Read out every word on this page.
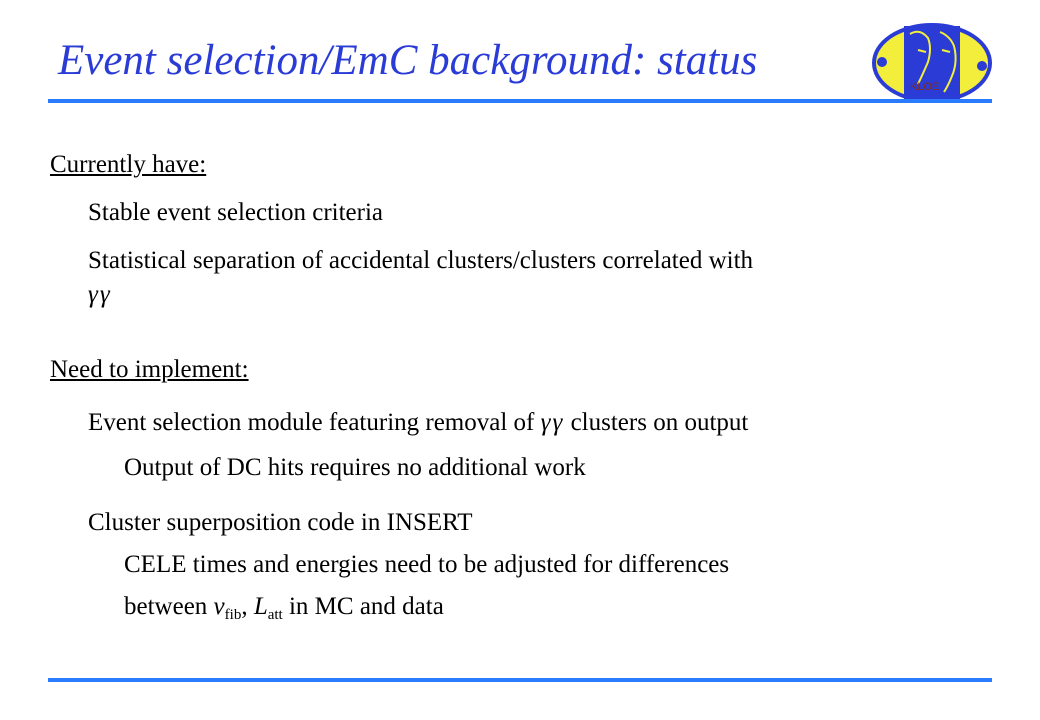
Event selection/EmC background: status
KLOE
Currently have:
Stable event selection criteria
Statistical separation of accidental clusters/clusters correlated with
γγ
Need to implement:
Event selection module featuring removal of γγ clusters on output
Output of DC hits requires no additional work
Cluster superposition code in INSERT
CELE times and energies need to be adjusted for differences
between $v_{fib}$, $L_{att}$ in MC and data
